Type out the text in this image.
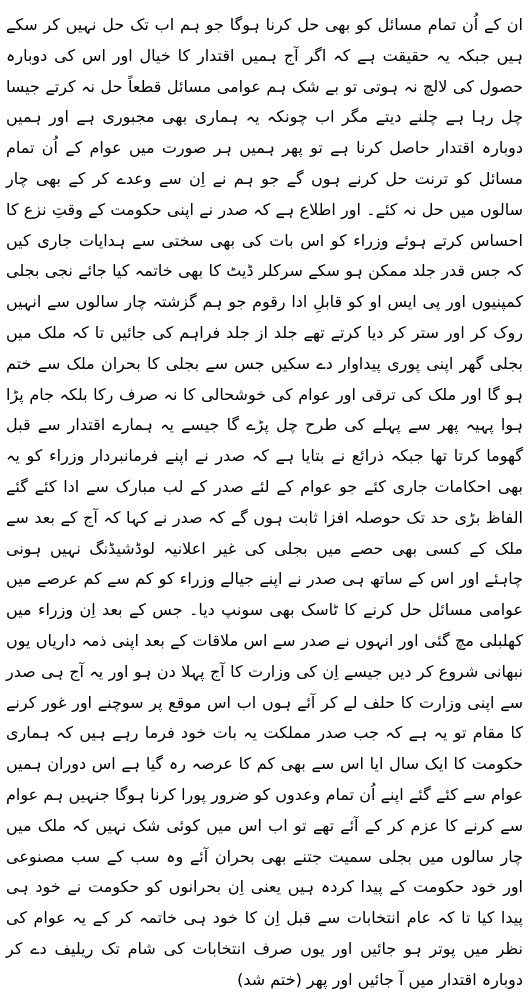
ان کے اُن تمام مسائل کو بھی حل کرنا ہوگا جو ہم اب تک حل نہیں کر سکے ہیں جبکہ یہ حقیقت ہے کہ اگر آج ہمیں اقتدار کا خیال اور اس کی دوبارہ حصول کی لالچ نہ ہوتی تو بے شک ہم عوامی مسائل قطعاً حل نہ کرتے جیسا چل رہا ہے چلنے دیتے مگر اب چونکہ یہ ہماری بھی مجبوری ہے اور ہمیں دوبارہ اقتدار حاصل کرنا ہے تو پھر ہمیں ہر صورت میں عوام کے اُن تمام مسائل کو ترنت حل کرنے ہوں گے جو ہم نے اِن سے وعدے کر کے بھی چار سالوں میں حل نہ کئے۔ اور اطلاع ہے کہ صدر نے اپنی حکومت کے وقتِ نزع کا احساس کرتے ہوئے وزراء کو اس بات کی بھی سختی سے ہدایات جاری کیں کہ جس قدر جلد ممکن ہو سکے سرکلر ڈیٹ کا بھی خاتمہ کیا جائے نجی بجلی کمپنیوں اور پی ایس او کو قابلِ ادا رقوم جو ہم گزشتہ چار سالوں سے انہیں روک کر اور ستر کر دیا کرتے تھے جلد از جلد فراہم کی جائیں تا کہ ملک میں بجلی گھر اپنی پوری پیداوار دے سکیں جس سے بجلی کا بحران ملک سے ختم ہو گا اور ملک کی ترقی اور عوام کی خوشحالی کا نہ صرف رکا بلکہ جام پڑا ہوا پہیہ پھر سے پہلے کی طرح چل پڑے گا جیسے یہ ہمارے اقتدار سے قبل گھوما کرتا تھا جبکہ ذرائع نے بتایا ہے کہ صدر نے اپنے فرمانبردار وزراء کو یہ بھی احکامات جاری کئے جو عوام کے لئے صدر کے لب مبارک سے ادا کئے گئے الفاظ بڑی حد تک حوصلہ افزا ثابت ہوں گے کہ صدر نے کہا کہ آج کے بعد سے ملک کے کسی بھی حصے میں بجلی کی غیر اعلانیہ لوڈشیڈنگ نہیں ہونی چاہئے اور اس کے ساتھ ہی صدر نے اپنے جیالے وزراء کو کم سے کم عرصے میں عوامی مسائل حل کرنے کا ٹاسک بھی سونپ دیا۔ جس کے بعد اِن وزراء میں کھلبلی مچ گئی اور انہوں نے صدر سے اس ملاقات کے بعد اپنی ذمہ داریاں یوں نبھانی شروع کر دیں جیسے اِن کی وزارت کا آج پہلا دن ہو اور یہ آج ہی صدر سے اپنی وزارت کا حلف لے کر آئے ہوں اب اس موقع پر سوچنے اور غور کرنے کا مقام تو یہ ہے کہ جب صدر مملکت یہ بات خود فرما رہے ہیں کہ ہماری حکومت کا ایک سال ایا اس سے بھی کم کا عرصہ رہ گیا ہے اس دوران ہمیں عوام سے کئے گئے اپنے اُن تمام وعدوں کو ضرور پورا کرنا ہوگا جنہیں ہم عوام سے کرنے کا عزم کر کے آئے تھے تو اب اس میں کوئی شک نہیں کہ ملک میں چار سالوں میں بجلی سمیت جتنے بھی بحران آئے وہ سب کے سب مصنوعی اور خود حکومت کے پیدا کردہ ہیں یعنی اِن بحرانوں کو حکومت نے خود ہی پیدا کیا تا کہ عام انتخابات سے قبل اِن کا خود ہی خاتمہ کر کے یہ عوام کی نظر میں پوتر ہو جائیں اور یوں صرف انتخابات کی شام تک ریلیف دے کر دوبارہ اقتدار میں آ جائیں اور پھر (ختم شد)
